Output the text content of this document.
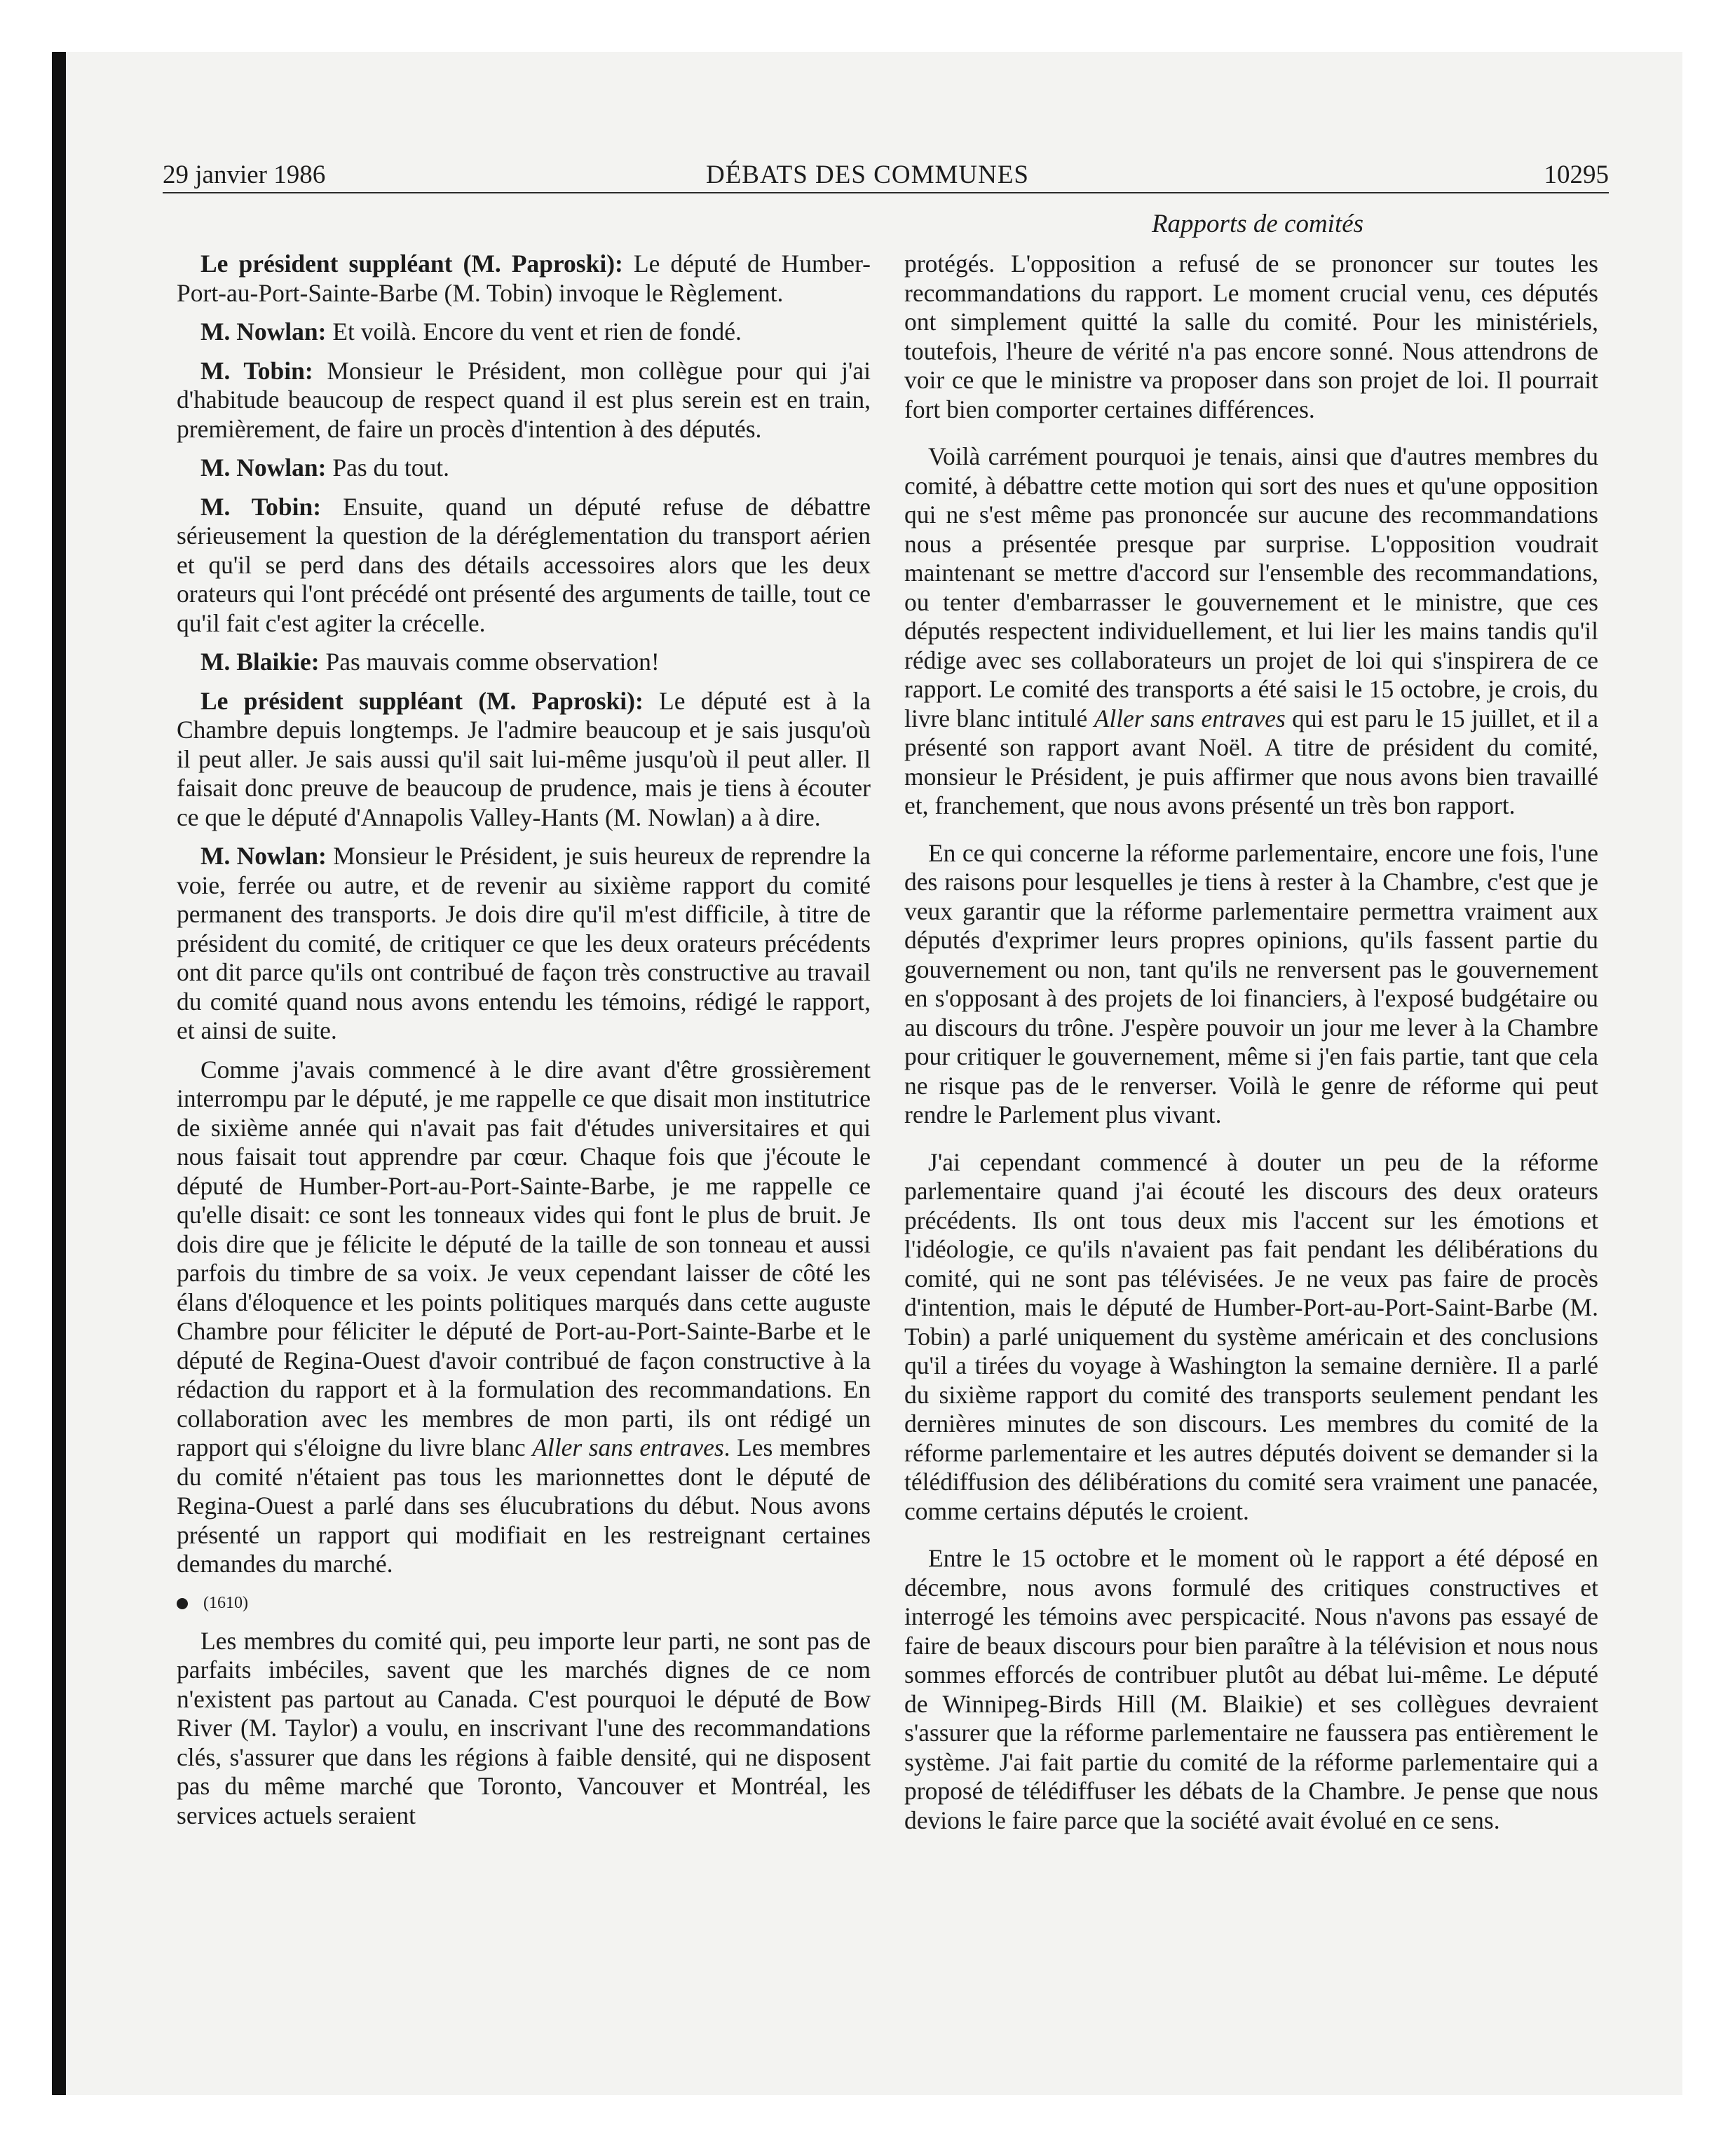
29 janvier 1986	DÉBATS DES COMMUNES	10295
Rapports de comités

Le président suppléant (M. Paproski): Le député de Humber-Port-au-Port-Sainte-Barbe (M. Tobin) invoque le Règlement.

M. Nowlan: Et voilà. Encore du vent et rien de fondé.

M. Tobin: Monsieur le Président, mon collègue pour qui j'ai d'habitude beaucoup de respect quand il est plus serein est en train, premièrement, de faire un procès d'intention à des députés.

M. Nowlan: Pas du tout.

M. Tobin: Ensuite, quand un député refuse de débattre sérieusement la question de la déréglementation du transport aérien et qu'il se perd dans des détails accessoires alors que les deux orateurs qui l'ont précédé ont présenté des arguments de taille, tout ce qu'il fait c'est agiter la crécelle.

M. Blaikie: Pas mauvais comme observation!

Le président suppléant (M. Paproski): Le député est à la Chambre depuis longtemps. Je l'admire beaucoup et je sais jusqu'où il peut aller. Je sais aussi qu'il sait lui-même jusqu'où il peut aller. Il faisait donc preuve de beaucoup de prudence, mais je tiens à écouter ce que le député d'Annapolis Valley-Hants (M. Nowlan) a à dire.

M. Nowlan: Monsieur le Président, je suis heureux de reprendre la voie, ferrée ou autre, et de revenir au sixième rapport du comité permanent des transports. Je dois dire qu'il m'est difficile, à titre de président du comité, de critiquer ce que les deux orateurs précédents ont dit parce qu'ils ont contribué de façon très constructive au travail du comité quand nous avons entendu les témoins, rédigé le rapport, et ainsi de suite.

Comme j'avais commencé à le dire avant d'être grossièrement interrompu par le député, je me rappelle ce que disait mon institutrice de sixième année qui n'avait pas fait d'études universitaires et qui nous faisait tout apprendre par cœur. Chaque fois que j'écoute le député de Humber-Port-au-Port-Sainte-Barbe, je me rappelle ce qu'elle disait: ce sont les tonneaux vides qui font le plus de bruit. Je dois dire que je félicite le député de la taille de son tonneau et aussi parfois du timbre de sa voix. Je veux cependant laisser de côté les élans d'éloquence et les points politiques marqués dans cette auguste Chambre pour féliciter le député de Port-au-Port-Sainte-Barbe et le député de Regina-Ouest d'avoir contribué de façon constructive à la rédaction du rapport et à la formulation des recommandations. En collaboration avec les membres de mon parti, ils ont rédigé un rapport qui s'éloigne du livre blanc Aller sans entraves. Les membres du comité n'étaient pas tous les marionnettes dont le député de Regina-Ouest a parlé dans ses élucubrations du début. Nous avons présenté un rapport qui modifiait en les restreignant certaines demandes du marché.

(1610)

Les membres du comité qui, peu importe leur parti, ne sont pas de parfaits imbéciles, savent que les marchés dignes de ce nom n'existent pas partout au Canada. C'est pourquoi le député de Bow River (M. Taylor) a voulu, en inscrivant l'une des recommandations clés, s'assurer que dans les régions à faible densité, qui ne disposent pas du même marché que Toronto, Vancouver et Montréal, les services actuels seraient

protégés. L'opposition a refusé de se prononcer sur toutes les recommandations du rapport. Le moment crucial venu, ces députés ont simplement quitté la salle du comité. Pour les ministériels, toutefois, l'heure de vérité n'a pas encore sonné. Nous attendrons de voir ce que le ministre va proposer dans son projet de loi. Il pourrait fort bien comporter certaines différences.

Voilà carrément pourquoi je tenais, ainsi que d'autres membres du comité, à débattre cette motion qui sort des nues et qu'une opposition qui ne s'est même pas prononcée sur aucune des recommandations nous a présentée presque par surprise. L'opposition voudrait maintenant se mettre d'accord sur l'ensemble des recommandations, ou tenter d'embarrasser le gouvernement et le ministre, que ces députés respectent individuellement, et lui lier les mains tandis qu'il rédige avec ses collaborateurs un projet de loi qui s'inspirera de ce rapport. Le comité des transports a été saisi le 15 octobre, je crois, du livre blanc intitulé Aller sans entraves qui est paru le 15 juillet, et il a présenté son rapport avant Noël. A titre de président du comité, monsieur le Président, je puis affirmer que nous avons bien travaillé et, franchement, que nous avons présenté un très bon rapport.

En ce qui concerne la réforme parlementaire, encore une fois, l'une des raisons pour lesquelles je tiens à rester à la Chambre, c'est que je veux garantir que la réforme parlementaire permettra vraiment aux députés d'exprimer leurs propres opinions, qu'ils fassent partie du gouvernement ou non, tant qu'ils ne renversent pas le gouvernement en s'opposant à des projets de loi financiers, à l'exposé budgétaire ou au discours du trône. J'espère pouvoir un jour me lever à la Chambre pour critiquer le gouvernement, même si j'en fais partie, tant que cela ne risque pas de le renverser. Voilà le genre de réforme qui peut rendre le Parlement plus vivant.

J'ai cependant commencé à douter un peu de la réforme parlementaire quand j'ai écouté les discours des deux orateurs précédents. Ils ont tous deux mis l'accent sur les émotions et l'idéologie, ce qu'ils n'avaient pas fait pendant les délibérations du comité, qui ne sont pas télévisées. Je ne veux pas faire de procès d'intention, mais le député de Humber-Port-au-Port-Saint-Barbe (M. Tobin) a parlé uniquement du système américain et des conclusions qu'il a tirées du voyage à Washington la semaine dernière. Il a parlé du sixième rapport du comité des transports seulement pendant les dernières minutes de son discours. Les membres du comité de la réforme parlementaire et les autres députés doivent se demander si la télédiffusion des délibérations du comité sera vraiment une panacée, comme certains députés le croient.

Entre le 15 octobre et le moment où le rapport a été déposé en décembre, nous avons formulé des critiques constructives et interrogé les témoins avec perspicacité. Nous n'avons pas essayé de faire de beaux discours pour bien paraître à la télévision et nous nous sommes efforcés de contribuer plutôt au débat lui-même. Le député de Winnipeg-Birds Hill (M. Blaikie) et ses collègues devraient s'assurer que la réforme parlementaire ne faussera pas entièrement le système. J'ai fait partie du comité de la réforme parlementaire qui a proposé de télédiffuser les débats de la Chambre. Je pense que nous devions le faire parce que la société avait évolué en ce sens.
